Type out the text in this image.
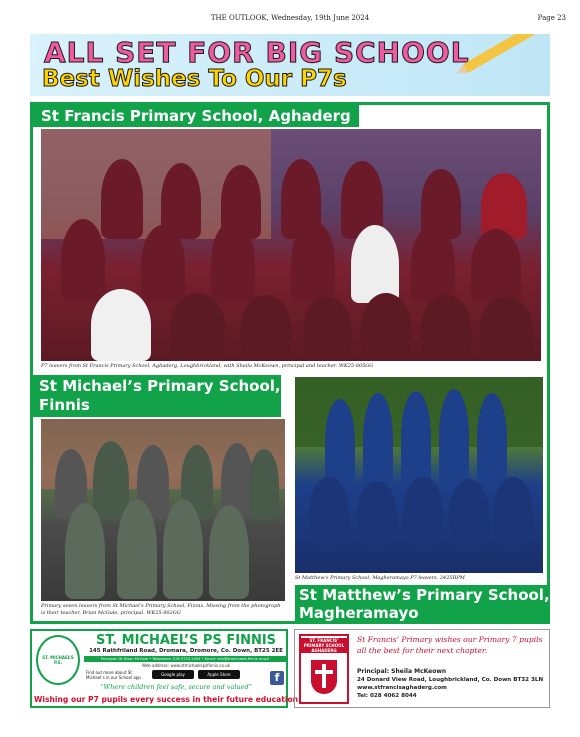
THE OUTLOOK, Wednesday, 19th June 2024	Page 23
ALL SET FOR BIG SCHOOL
Best Wishes To Our P7s
St Francis Primary School, Aghaderg
P7 leavers from St Francis Primary School, Aghaderg, Loughbrickland, with Sheila McKeown, principal and teacher. WK25-805GG
St Michael’s Primary School,
Finnis
Primary seven leavers from St Michael's Primary School, Finnis. Missing from the photograph is their teacher, Brian McGale, principal. WK25-802GG
St Matthew's Primary School, Magheramayo P7 leavers. 2425RPM
St Matthew’s Primary School,
Magheramayo
ST. MICHAEL’S P.S.
ST. MICHAEL’S PS FINNIS
145 Rathfriland Road, Dromara, Dromore, Co. Down, BT25 2EE
Principal: Mr Brian McGale • Telephone: 028 9753 2494 • Email: info@stmichaels.finnis.ni.sch
Web address: www.stmichaelspsfinnis.co.uk
Find out more about St. Michael’s in our School app
Google play	Apple Store	f
“Where children feel safe, secure and valued”
Wishing our P7 pupils every success in their future education
ST. FRANCIS’
PRIMARY SCHOOL
AGHADERG
St Francis’ Primary wishes our Primary 7 pupils
all the best for their next chapter.
Principal: Sheila McKeown
24 Donard View Road, Loughbrickland, Co. Down BT32 3LN
www.stfrancisaghaderg.com
Tel: 028 4062 8044
